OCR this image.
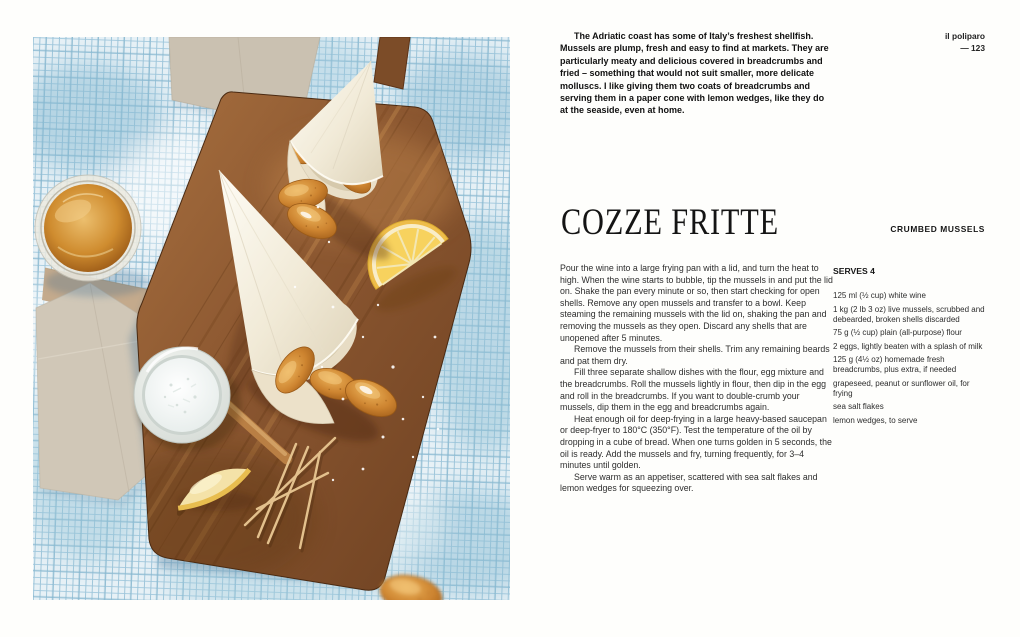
il poliparo
— 123

The Adriatic coast has some of Italy’s freshest shellfish. Mussels are plump, fresh and easy to find at markets. They are particularly meaty and delicious covered in breadcrumbs and fried – something that would not suit smaller, more delicate molluscs. I like giving them two coats of breadcrumbs and serving them in a paper cone with lemon wedges, like they do at the seaside, even at home.

COZZE FRITTE	CRUMBED MUSSELS

Pour the wine into a large frying pan with a lid, and turn the heat to high. When the wine starts to bubble, tip the mussels in and put the lid on. Shake the pan every minute or so, then start checking for open shells. Remove any open mussels and transfer to a bowl. Keep steaming the remaining mussels with the lid on, shaking the pan and removing the mussels as they open. Discard any shells that are unopened after 5 minutes.

Remove the mussels from their shells. Trim any remaining beards and pat them dry.

Fill three separate shallow dishes with the flour, egg mixture and the breadcrumbs. Roll the mussels lightly in flour, then dip in the egg and roll in the breadcrumbs. If you want to double-crumb your mussels, dip them in the egg and breadcrumbs again.

Heat enough oil for deep-frying in a large heavy-based saucepan or deep-fryer to 180°C (350°F). Test the temperature of the oil by dropping in a cube of bread. When one turns golden in 5 seconds, the oil is ready. Add the mussels and fry, turning frequently, for 3–4 minutes until golden.

Serve warm as an appetiser, scattered with sea salt flakes and lemon wedges for squeezing over.

SERVES 4

125 ml (½ cup) white wine

1 kg (2 lb 3 oz) live mussels, scrubbed and debearded, broken shells discarded

75 g (½ cup) plain (all-purpose) flour

2 eggs, lightly beaten with a splash of milk

125 g (4½ oz) homemade fresh breadcrumbs, plus extra, if needed

grapeseed, peanut or sunflower oil, for frying

sea salt flakes

lemon wedges, to serve
